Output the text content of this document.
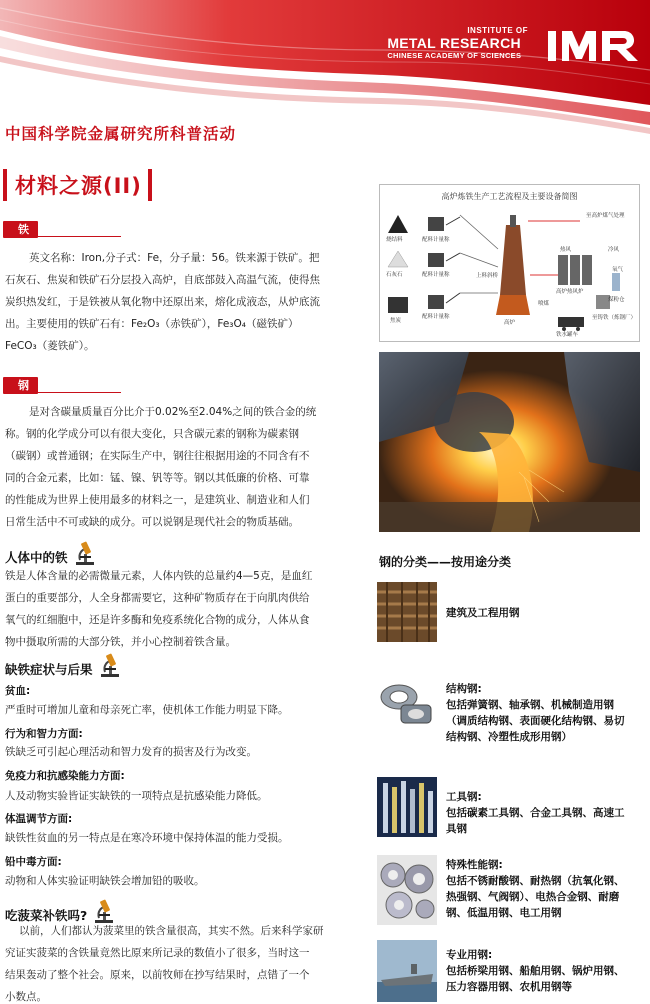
INSTITUTE OF
METAL RESEARCH
CHINESE ACADEMY OF SCIENCES
中国科学院金属研究所科普活动
材料之源(II)
铁
英文名称：Iron,分子式：Fe，分子量：56。铁来源于铁矿。把
石灰石、焦炭和铁矿石分层投入高炉，自底部鼓入高温气流，使得焦
炭织热发红，于是铁被从氧化物中还原出来，熔化成液态，从炉底流
出。主要使用的铁矿石有：Fe₂O₃（赤铁矿），Fe₃O₄（磁铁矿）
FeCO₃（菱铁矿）。
钢
是对含碳量质量百分比介于0.02%至2.04%之间的铁合金的统
称。钢的化学成分可以有很大变化，只含碳元素的钢称为碳素钢
（碳钢）或普通钢；在实际生产中，钢往往根据用途的不同含有不
同的合金元素，比如：锰、镍、钒等等。钢以其低廉的价格、可靠
的性能成为世界上使用最多的材料之一，是建筑业、制造业和人们
日常生活中不可或缺的成分。可以说钢是现代社会的物质基础。
人体中的铁
铁是人体含量的必需微量元素，人体内铁的总量约4—5克，是血红
蛋白的重要部分，人全身都需要它，这种矿物质存在于向肌肉供给
氧气的红细胞中，还是许多酶和免疫系统化合物的成分，人体从食
物中摄取所需的大部分铁，并小心控制着铁含量。
缺铁症状与后果
贫血:
严重时可增加儿童和母亲死亡率，使机体工作能力明显下降。
行为和智力方面:
铁缺乏可引起心理活动和智力发育的损害及行为改变。
免疫力和抗感染能力方面:
人及动物实验皆证实缺铁的一项特点是抗感染能力降低。
体温调节方面:
缺铁性贫血的另一特点是在寒冷环境中保持体温的能力受损。
铅中毒方面:
动物和人体实验证明缺铁会增加铅的吸收。
吃菠菜补铁吗?
以前，人们都认为菠菜里的铁含量很高，其实不然。后来科学家研
究证实菠菜的含铁量竟然比原来所记录的数值小了很多，当时这一
结果轰动了整个社会。原来，以前牧师在抄写结果时，点错了一个
小数点。
高炉炼铁生产工艺流程及主要设备简图
烧结料	配料计量称
石灰石	配料计量称
焦炭
配料计量称
上料斜桥
高炉
至高炉煤气处理
热风	冷风
高炉热风炉
氧气
煤粉仓
喷煤
铁水罐车
至铸铁（炼钢厂）
钢的分类——按用途分类
建筑及工程用钢
结构钢:
包括弹簧钢、轴承钢、机械制造用钢
（调质结构钢、表面硬化结构钢、易切
结构钢、冷塑性成形用钢）
工具钢:
包括碳素工具钢、合金工具钢、高速工
具钢
特殊性能钢:
包括不锈耐酸钢、耐热钢（抗氧化钢、
热强钢、气阀钢）、电热合金钢、耐磨
钢、低温用钢、电工用钢
专业用钢:
包括桥梁用钢、船舶用钢、锅炉用钢、
压力容器用钢、农机用钢等
